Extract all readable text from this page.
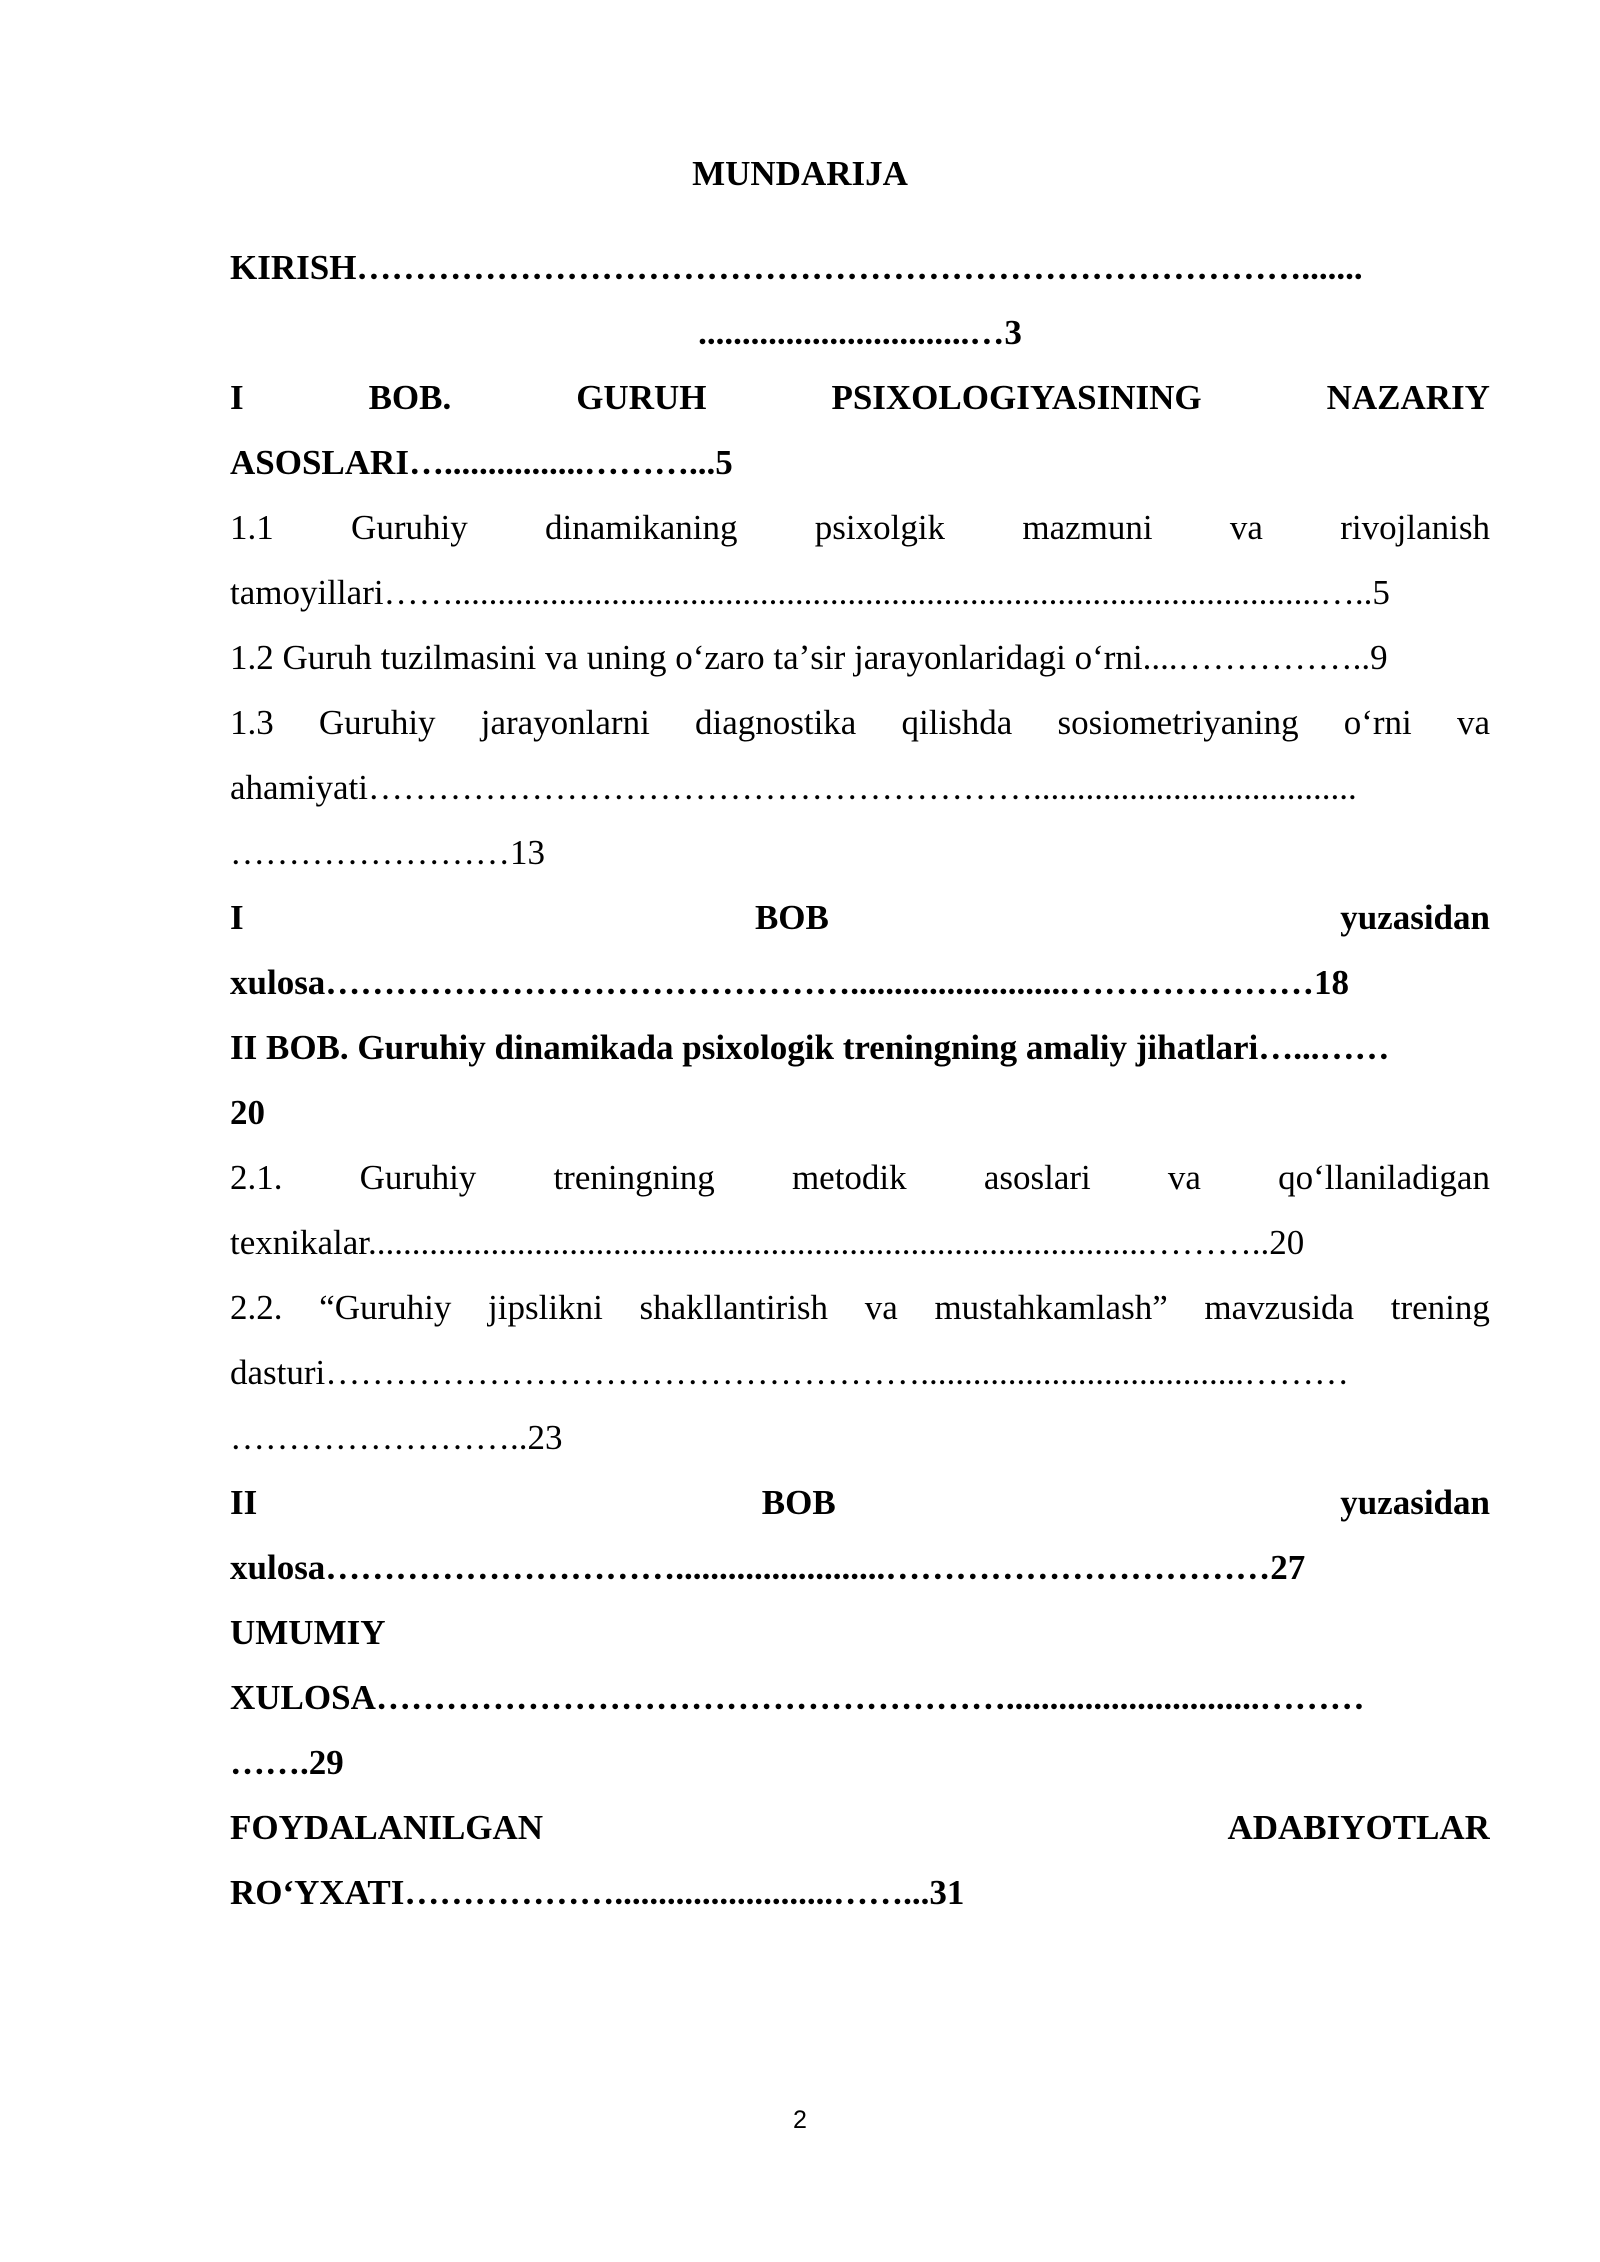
MUNDARIJA
KIRISH……………………………………………………………………….......
...............................…3
I	BOB.	GURUH	PSIXOLOGIYASINING	NAZARIY
ASOSLARI…................………...5
1.1 Guruhiy dinamikaning psixolgik mazmuni va rivojlanish
tamoyillari……...................................................................................................…..5
1.2 Guruh tuzilmasini va uning oʻzaro taʼsir jarayonlaridagi oʻrni....……………..9
1.3 Guruhiy jarayonlarni diagnostika qilishda sosiometriyaning oʻrni va
ahamiyati………………………………………………….....................................
……………………13
I	BOB	yuzasidan
xulosa……………………………………….........................…………………18
II BOB. Guruhiy dinamikada psixologik treningning amaliy jihatlari…...……
20
2.1. Guruhiy treningning metodik asoslari va qoʻllaniladigan
texnikalar.........................................................................................………..20
2.2. “Guruhiy jipslikni shakllantirish va mustahkamlash” mavzusida trening
dasturi…………………………………………….....................................………
……………………..23
II	BOB	yuzasidan
xulosa…………………………........................……………………………27
UMUMIY
XULOSA……………………………………………….............................………
…….29
FOYDALANILGAN	ADABIYOTLAR
ROʻYXATI……………….........................……...31
2
